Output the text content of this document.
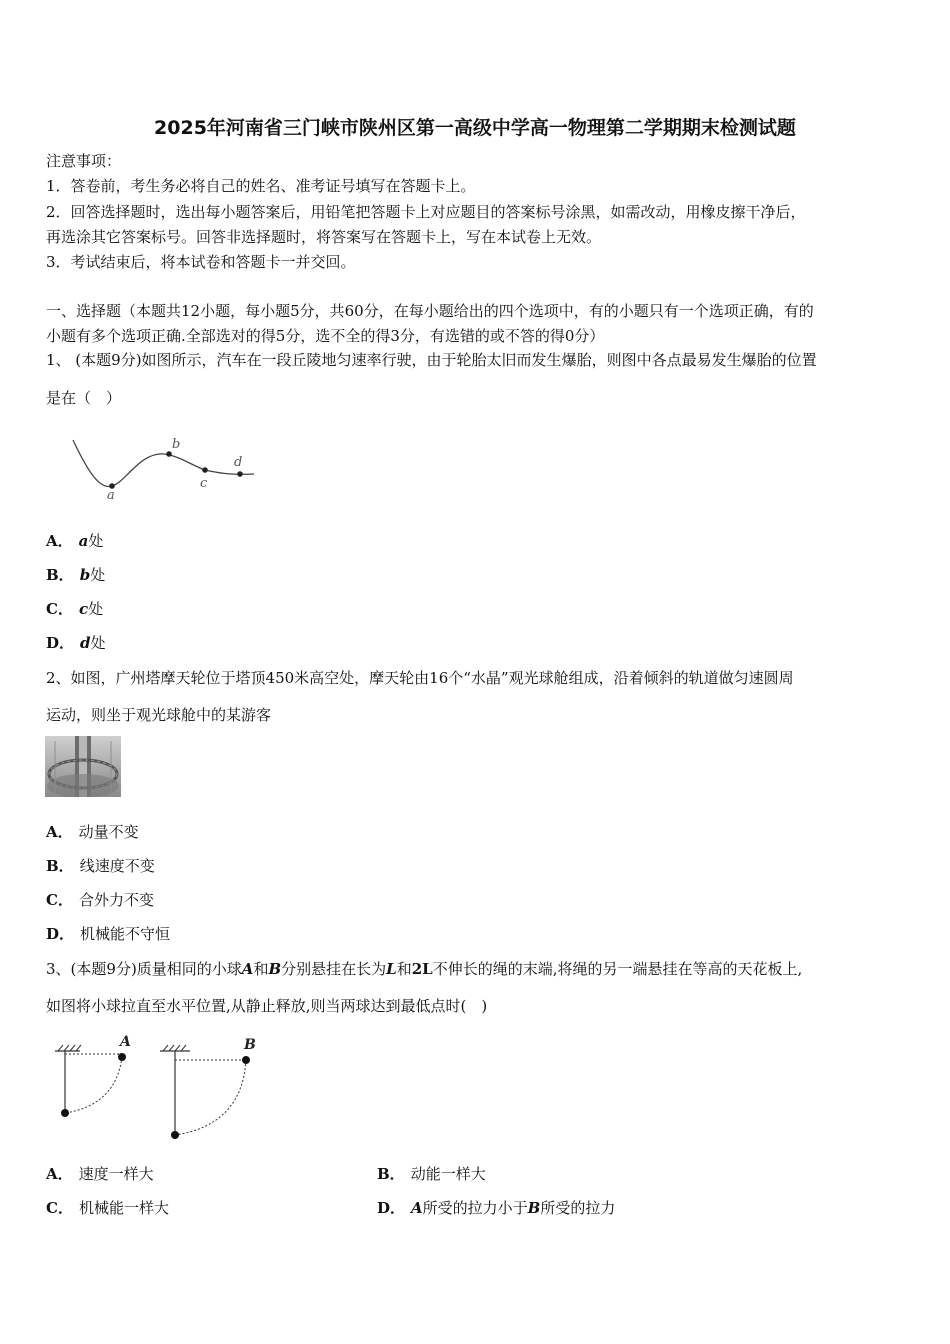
2025年河南省三门峡市陕州区第一高级中学高一物理第二学期期末检测试题
注意事项：
1．答卷前，考生务必将自己的姓名、准考证号填写在答题卡上。
2．回答选择题时，选出每小题答案后，用铅笔把答题卡上对应题目的答案标号涂黑，如需改动，用橡皮擦干净后，
再选涂其它答案标号。回答非选择题时，将答案写在答题卡上，写在本试卷上无效。
3．考试结束后，将本试卷和答题卡一并交回。
一、选择题（本题共12小题，每小题5分，共60分，在每小题给出的四个选项中，有的小题只有一个选项正确，有的
小题有多个选项正确.全部选对的得5分，选不全的得3分，有选错的或不答的得0分）
1、 (本题9分)如图所示，汽车在一段丘陵地匀速率行驶，由于轮胎太旧而发生爆胎，则图中各点最易发生爆胎的位置
是在（　）
a
b
c
d
A． a处
B． b处
C． c处
D． d处
2、如图，广州塔摩天轮位于塔顶450米高空处，摩天轮由16个“水晶”观光球舱组成，沿着倾斜的轨道做匀速圆周
运动，则坐于观光球舱中的某游客
A． 动量不变
B． 线速度不变
C． 合外力不变
D． 机械能不守恒
3、(本题9分)质量相同的小球A和B分别悬挂在长为L和2L不伸长的绳的末端,将绳的另一端悬挂在等高的天花板上,
如图将小球拉直至水平位置,从静止释放,则当两球达到最低点时(　)
A	B
A． 速度一样大	B． 动能一样大
C． 机械能一样大	D． A所受的拉力小于B所受的拉力
